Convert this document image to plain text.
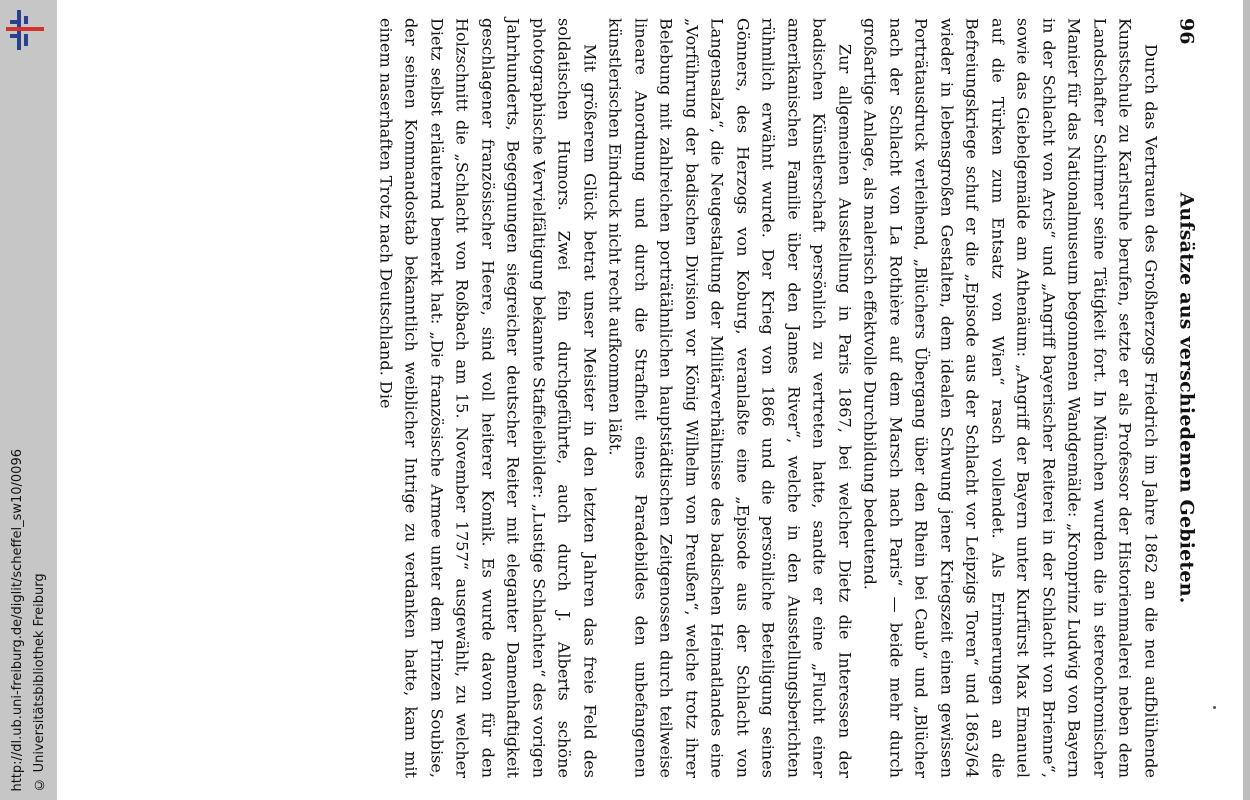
http://dl.ub.uni-freiburg.de/diglit/scheffel_sw10/0096 © Universitätsbibliothek Freiburg
96
Aufsätze aus verschiedenen Gebieten.

Durch das Vertrauen des Großherzogs Friedrich im Jahre 1862 an die neu aufblühende Kunstschule zu Karlsruhe berufen, setzte er als Professor der Historienmalerei neben dem Landschafter Schirmer seine Tätigkeit fort. In München wurden die in stereochromischer Manier für das Nationalmuseum begonnenen Wandgemälde: „Kronprinz Ludwig von Bayern in der Schlacht von Arcis“ und „Angriff bayerischer Reiterei in der Schlacht von Brienne“, sowie das Giebelgemälde am Athenäum: „Angriff der Bayern unter Kurfürst Max Emanuel auf die Türken zum Entsatz von Wien“ rasch vollendet. Als Erinnerungen an die Befreiungskriege schuf er die „Episode aus der Schlacht vor Leipzigs Toren“ und 1863/64 wieder in lebensgroßen Gestalten, dem idealen Schwung jener Kriegszeit einen gewissen Porträtausdruck verleihend, „Blüchers Übergang über den Rhein bei Caub“ und „Blücher nach der Schlacht von La Rothière auf dem Marsch nach Paris“ — beide mehr durch großartige Anlage, als malerisch effektvolle Durchbildung bedeutend.

Zur allgemeinen Ausstellung in Paris 1867, bei welcher Dietz die Interessen der badischen Künstlerschaft persönlich zu vertreten hatte, sandte er eine „Flucht einer amerikanischen Familie über den James River“, welche in den Ausstellungsberichten rühmlich erwähnt wurde. Der Krieg von 1866 und die persönliche Beteiligung seines Gönners, des Herzogs von Koburg, veranlaßte eine „Episode aus der Schlacht von Langensalza“, die Neugestaltung der Militärverhältnisse des badischen Heimatlandes eine „Vorführung der badischen Division vor König Wilhelm von Preußen“, welche trotz ihrer Belebung mit zahlreichen porträtähnlichen hauptstädtischen Zeitgenossen durch teilweise lineare Anordnung und durch die Strafheit eines Paradebildes den unbefangenen künstlerischen Eindruck nicht recht aufkommen läßt.

Mit größerem Glück betrat unser Meister in den letzten Jahren das freie Feld des soldatischen Humors. Zwei fein durchgeführte, auch durch J. Alberts schöne photographische Vervielfältigung bekannte Staffeleibilder: „Lustige Schlachten“ des vorigen Jahrhunderts, Begegnungen siegreicher deutscher Reiter mit eleganter Damenhaftigkeit geschlagener französischer Heere, sind voll heiterer Komik. Es wurde davon für den Holzschnitt die „Schlacht von Roßbach am 15. November 1757“ ausgewählt, zu welcher Dietz selbst erläuternd bemerkt hat: „Die französische Armee unter dem Prinzen Soubise, der seinen Kommandostab bekanntlich weiblicher Intrige zu verdanken hatte, kam mit einem naserhaften Trotz nach Deutschland. Die
